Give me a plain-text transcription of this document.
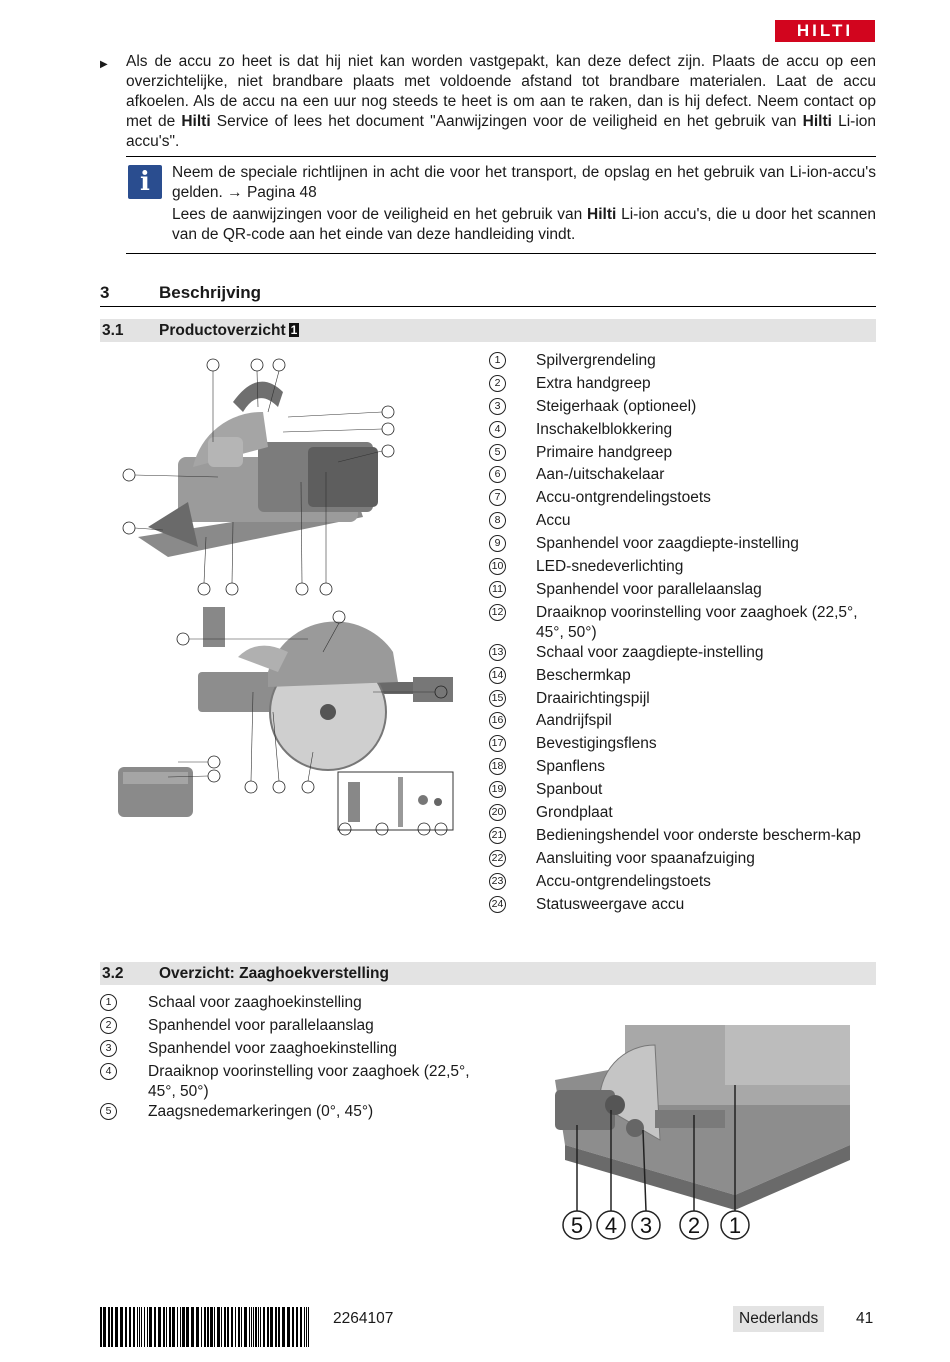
HILTI
▶ Als de accu zo heet is dat hij niet kan worden vastgepakt, kan deze defect zijn. Plaats de accu op een overzichtelijke, niet brandbare plaats met voldoende afstand tot brandbare materialen. Laat de accu afkoelen. Als de accu na een uur nog steeds te heet is om aan te raken, dan is hij defect. Neem contact op met de Hilti Service of lees het document "Aanwijzingen voor de veiligheid en het gebruik van Hilti Li-ion accu's".

i	Neem de speciale richtlijnen in acht die voor het transport, de opslag en het gebruik van Li-ion-accu's gelden. → Pagina 48

Lees de aanwijzingen voor de veiligheid en het gebruik van Hilti Li-ion accu's, die u door het scannen van de QR-code aan het einde van deze handleiding vindt.

3	Beschrijving
3.1 Productoverzicht 1
1	Spilvergrendeling
2	Extra handgreep
3	Steigerhaak (optioneel)
4	Inschakelblokkering
5	Primaire handgreep
6	Aan-/uitschakelaar
7	Accu-ontgrendelingstoets
8	Accu
9	Spanhendel voor zaagdiepte-instelling
10 LED-snedeverlichting
11 Spanhendel voor parallelaanslag
12 Draaiknop voorinstelling voor zaaghoek (22,5°, 45°, 50°)
13 Schaal voor zaagdiepte-instelling
14 Beschermkap
15 Draairichtingspijl
16 Aandrijfspil
17 Bevestigingsflens
18 Spanflens
19 Spanbout
20 Grondplaat
21 Bedieningshendel voor onderste bescherm-kap
22 Aansluiting voor spaanafzuiging
23 Accu-ontgrendelingstoets
24 Statusweergave accu
3.2 Overzicht: Zaaghoekverstelling
1	Schaal voor zaaghoekinstelling
2	Spanhendel voor parallelaanslag
3	Spanhendel voor zaaghoekinstelling
4	Draaiknop voorinstelling voor zaaghoek (22,5°, 45°, 50°)
5	Zaagsnedemarkeringen (0°, 45°)
5 4 3 2 1
2264107	Nederlands	41
